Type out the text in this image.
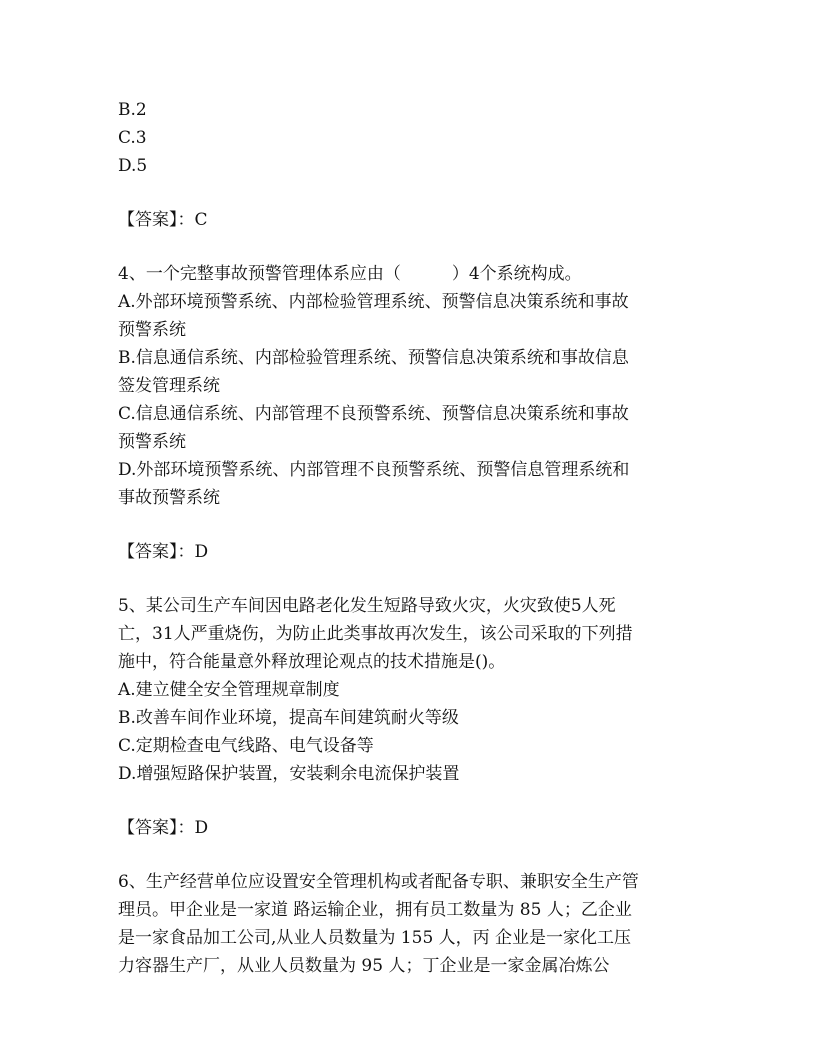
B.2
C.3
D.5
【答案】：C
4、一个完整事故预警管理体系应由（　　　）4个系统构成。
A.外部环境预警系统、内部检验管理系统、预警信息决策系统和事故
预警系统
B.信息通信系统、内部检验管理系统、预警信息决策系统和事故信息
签发管理系统
C.信息通信系统、内部管理不良预警系统、预警信息决策系统和事故
预警系统
D.外部环境预警系统、内部管理不良预警系统、预警信息管理系统和
事故预警系统
【答案】：D
5、某公司生产车间因电路老化发生短路导致火灾，火灾致使5人死
亡，31人严重烧伤，为防止此类事故再次发生，该公司采取的下列措
施中，符合能量意外释放理论观点的技术措施是()。
A.建立健全安全管理规章制度
B.改善车间作业环境，提高车间建筑耐火等级
C.定期检查电气线路、电气设备等
D.增强短路保护装置，安装剩余电流保护装置
【答案】：D
6、生产经营单位应设置安全管理机构或者配备专职、兼职安全生产管
理员。甲企业是一家道 路运输企业，拥有员工数量为 85 人；乙企业
是一家食品加工公司,从业人员数量为 155 人，丙 企业是一家化工压
力容器生产厂，从业人员数量为 95 人；丁企业是一家金属冶炼公
